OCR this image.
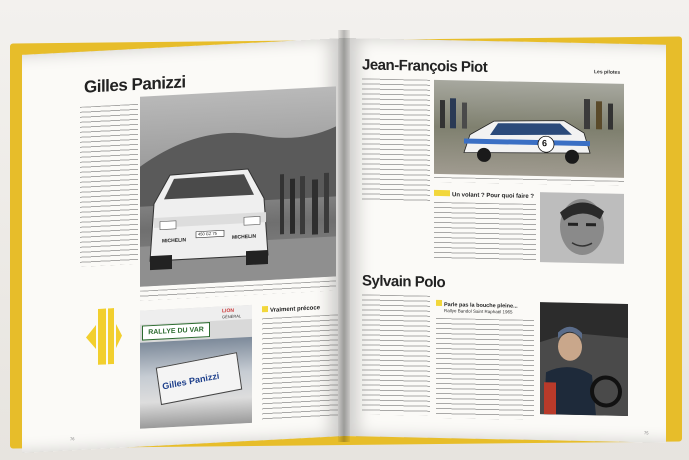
Gilles Panizzi
MICHELIN
MICHELIN
450 GZ 75
RALLYE DU VAR
LION
GÉNÉRAL
Gilles Panizzi
Vraiment précoce
76
Jean-François Piot	Les pilotes
6
Un volant ? Pour quoi faire ?
Sylvain Polo
Parle pas la bouche pleine...
Rallye Bandol Saint Raphaël 1965
75
